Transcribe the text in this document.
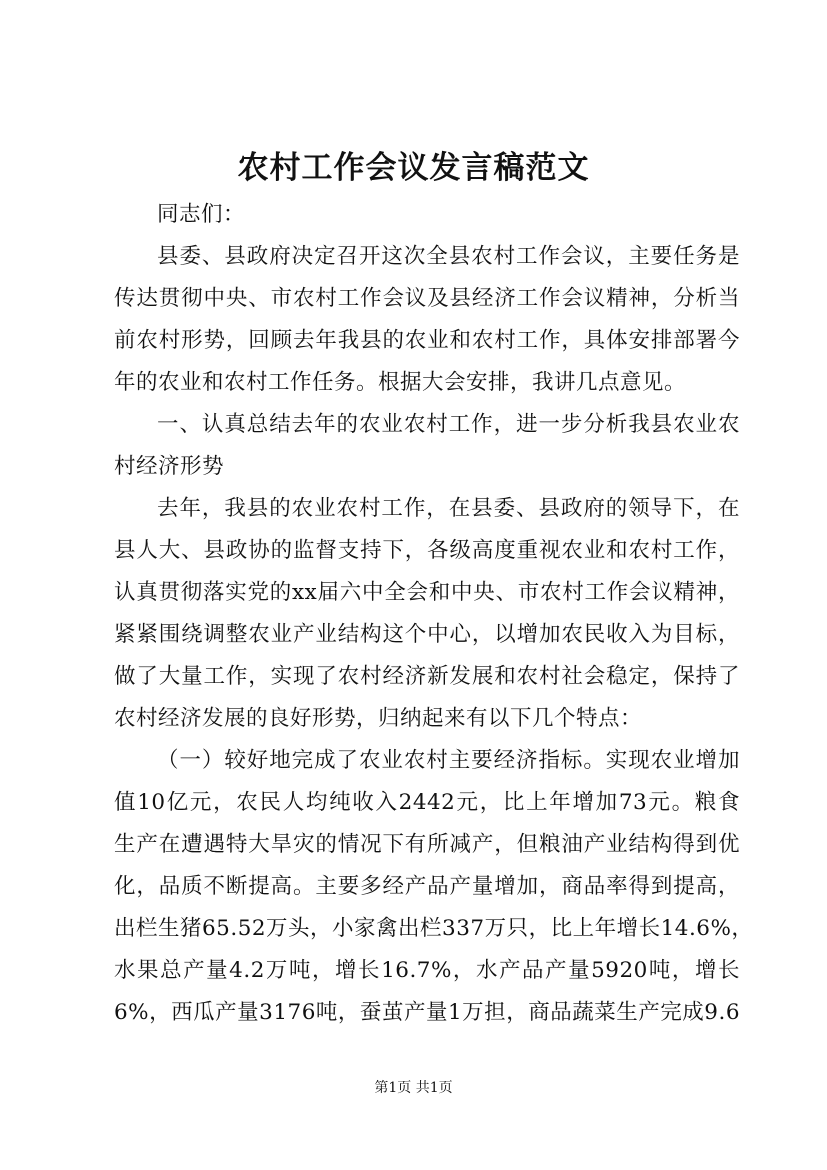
农村工作会议发言稿范文
同志们：
县委、县政府决定召开这次全县农村工作会议，主要任务是
传达贯彻中央、市农村工作会议及县经济工作会议精神，分析当
前农村形势，回顾去年我县的农业和农村工作，具体安排部署今
年的农业和农村工作任务。根据大会安排，我讲几点意见。
一、认真总结去年的农业农村工作，进一步分析我县农业农
村经济形势
去年，我县的农业农村工作，在县委、县政府的领导下，在
县人大、县政协的监督支持下，各级高度重视农业和农村工作，
认真贯彻落实党的xx届六中全会和中央、市农村工作会议精神，
紧紧围绕调整农业产业结构这个中心，以增加农民收入为目标，
做了大量工作，实现了农村经济新发展和农村社会稳定，保持了
农村经济发展的良好形势，归纳起来有以下几个特点：
（一）较好地完成了农业农村主要经济指标。实现农业增加
值10亿元，农民人均纯收入2442元，比上年增加73元。粮食
生产在遭遇特大旱灾的情况下有所减产，但粮油产业结构得到优
化，品质不断提高。主要多经产品产量增加，商品率得到提高，
出栏生猪65.52万头，小家禽出栏337万只，比上年增长14.6%，
水果总产量4.2万吨，增长16.7%，水产品产量5920吨，增长
6%，西瓜产量3176吨，蚕茧产量1万担，商品蔬菜生产完成9.6
第1页 共1页
